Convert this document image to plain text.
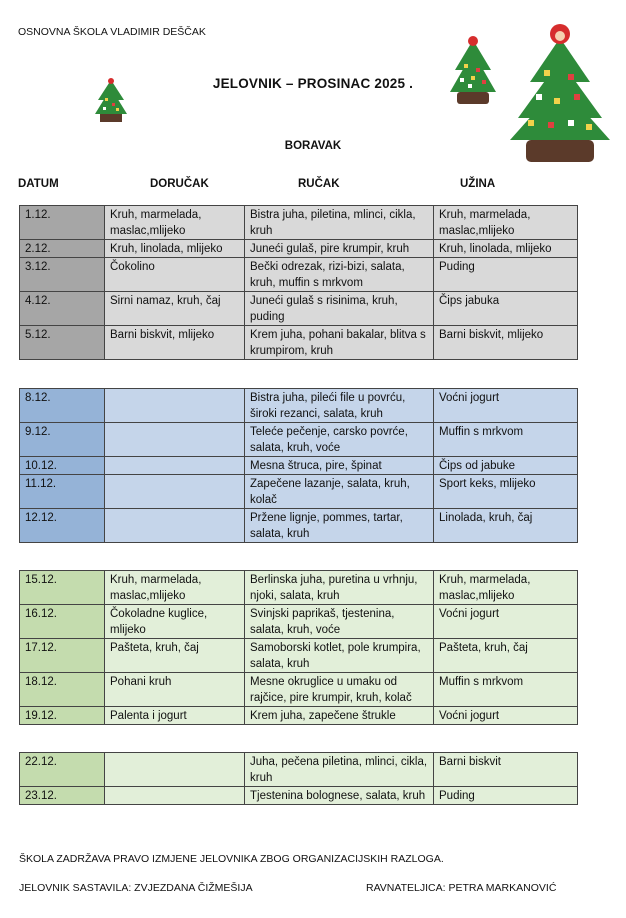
OSNOVNA ŠKOLA VLADIMIR DEŠČAK
JELOVNIK – PROSINAC 2025 .
BORAVAK
DATUM	DORUČAK	RUČAK	UŽINA
1.12.	Kruh, marmelada, maslac,mlijeko	Bistra juha, piletina, mlinci, cikla, kruh	Kruh, marmelada, maslac,mlijeko
2.12.	Kruh, linolada, mlijeko	Juneći gulaš, pire krumpir, kruh	Kruh, linolada, mlijeko
3.12.	Čokolino	Bečki odrezak, rizi-bizi, salata, kruh, muffin s mrkvom	Puding
4.12.	Sirni namaz, kruh, čaj	Juneći gulaš s risinima, kruh, puding	Čips jabuka
5.12.	Barni biskvit, mlijeko	Krem juha, pohani bakalar, blitva s krumpirom, kruh	Barni biskvit, mlijeko
8.12.		Bistra juha, pileći file u povrću, široki rezanci, salata, kruh	Voćni jogurt
9.12.		Teleće pečenje, carsko povrće, salata, kruh, voće	Muffin s mrkvom
10.12.		Mesna štruca, pire, špinat	Čips od jabuke
11.12.		Zapečene lazanje, salata, kruh, kolač	Sport keks, mlijeko
12.12.		Pržene lignje, pommes, tartar, salata, kruh	Linolada, kruh, čaj
15.12.	Kruh, marmelada, maslac,mlijeko	Berlinska juha, puretina u vrhnju, njoki, salata, kruh	Kruh, marmelada, maslac,mlijeko
16.12.	Čokoladne kuglice, mlijeko	Svinjski paprikaš, tjestenina, salata, kruh, voće	Voćni jogurt
17.12.	Pašteta, kruh, čaj	Samoborski kotlet, pole krumpira, salata, kruh	Pašteta, kruh, čaj
18.12.	Pohani kruh	Mesne okruglice u umaku od rajčice, pire krumpir, kruh, kolač	Muffin s mrkvom
19.12.	Palenta i jogurt	Krem juha, zapečene štrukle	Voćni jogurt
22.12.		Juha, pečena piletina, mlinci, cikla, kruh	Barni biskvit
23.12.		Tjestenina bolognese, salata, kruh	Puding
ŠKOLA ZADRŽAVA PRAVO IZMJENE JELOVNIKA ZBOG ORGANIZACIJSKIH RAZLOGA.
JELOVNIK SASTAVILA: ZVJEZDANA ČIŽMEŠIJA	RAVNATELJICA: PETRA MARKANOVIĆ
